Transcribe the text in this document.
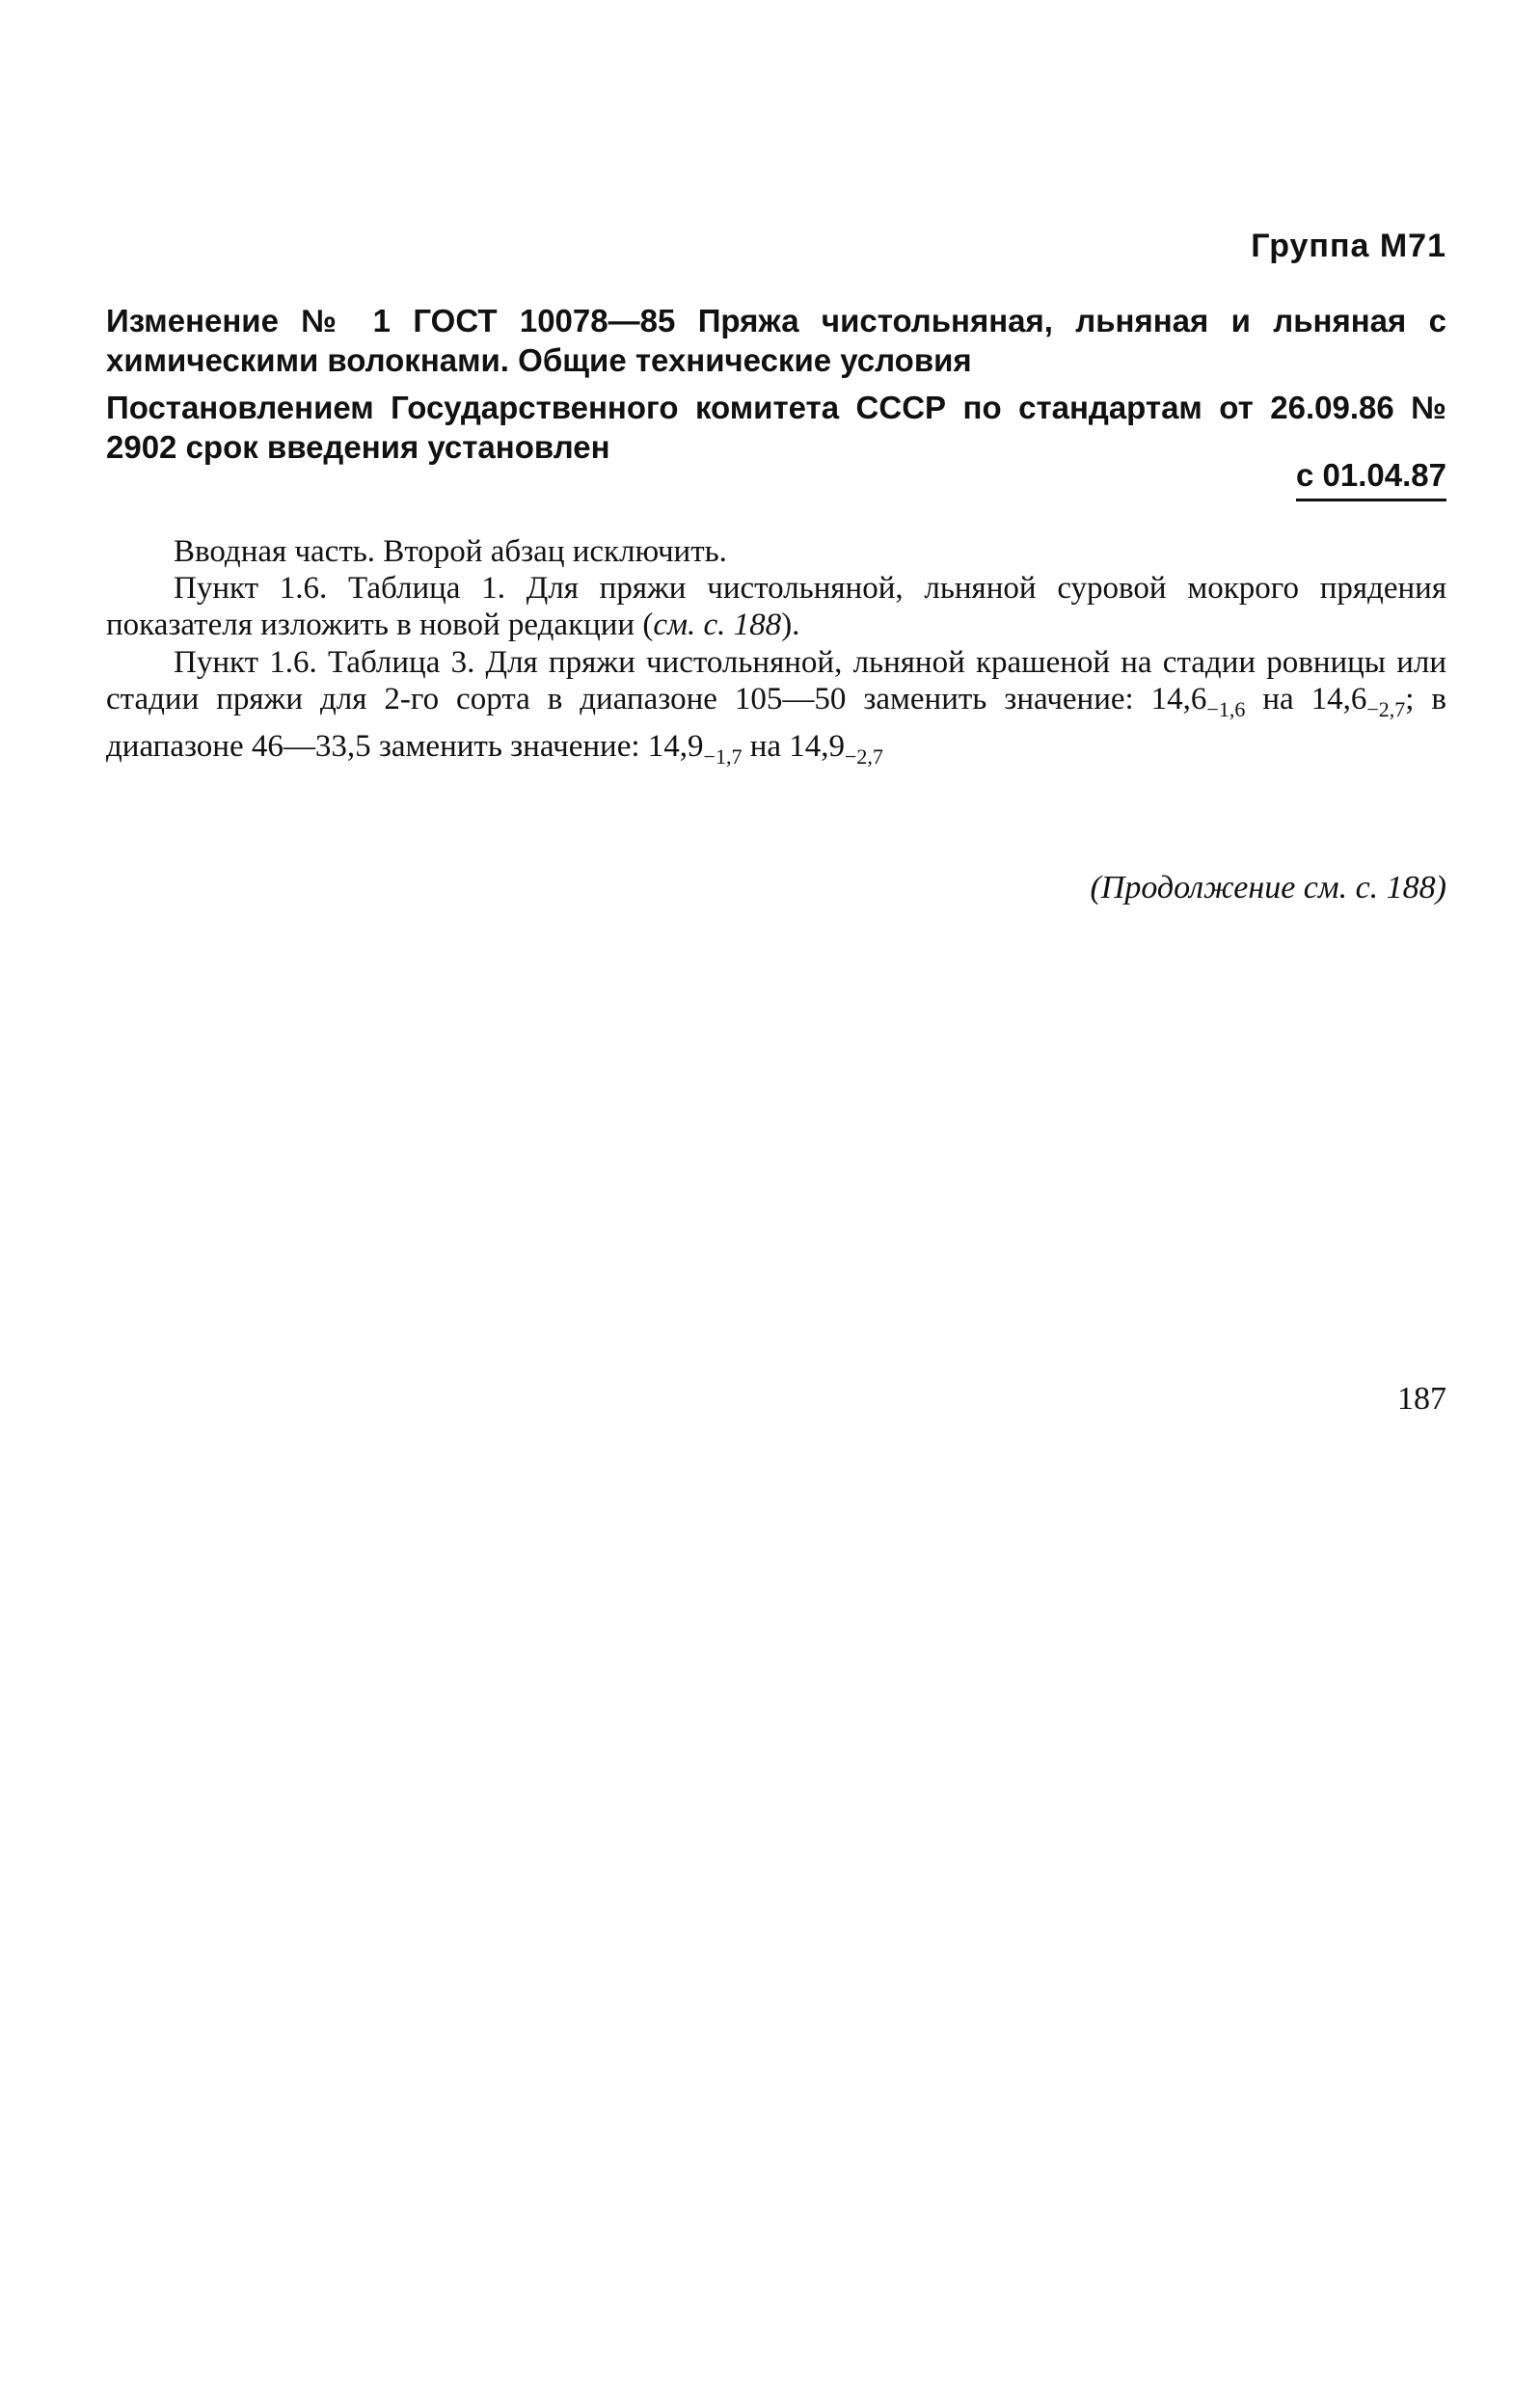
Группа М71
Изменение № 1 ГОСТ 10078—85 Пряжа чистольняная, льняная и льняная с химическими волокнами. Общие технические условия
Постановлением Государственного комитета СССР по стандартам от 26.09.86 № 2902 срок введения установлен
с 01.04.87

Вводная часть. Второй абзац исключить.

Пункт 1.6. Таблица 1. Для пряжи чистольняной, льняной суровой мокрого прядения показателя изложить в новой редакции (см. с. 188).

Пункт 1.6. Таблица 3. Для пряжи чистольняной, льняной крашеной на стадии ровницы или стадии пряжи для 2-го сорта в диапазоне 105—50 заменить значение: $14,6_{-1,6}$ на $14,6_{-2,7}$; в диапазоне 46—33,5 заменить значение: $14,9_{-1,7}$ на $14,9_{-2,7}$

(Продолжение см. с. 188)
187
